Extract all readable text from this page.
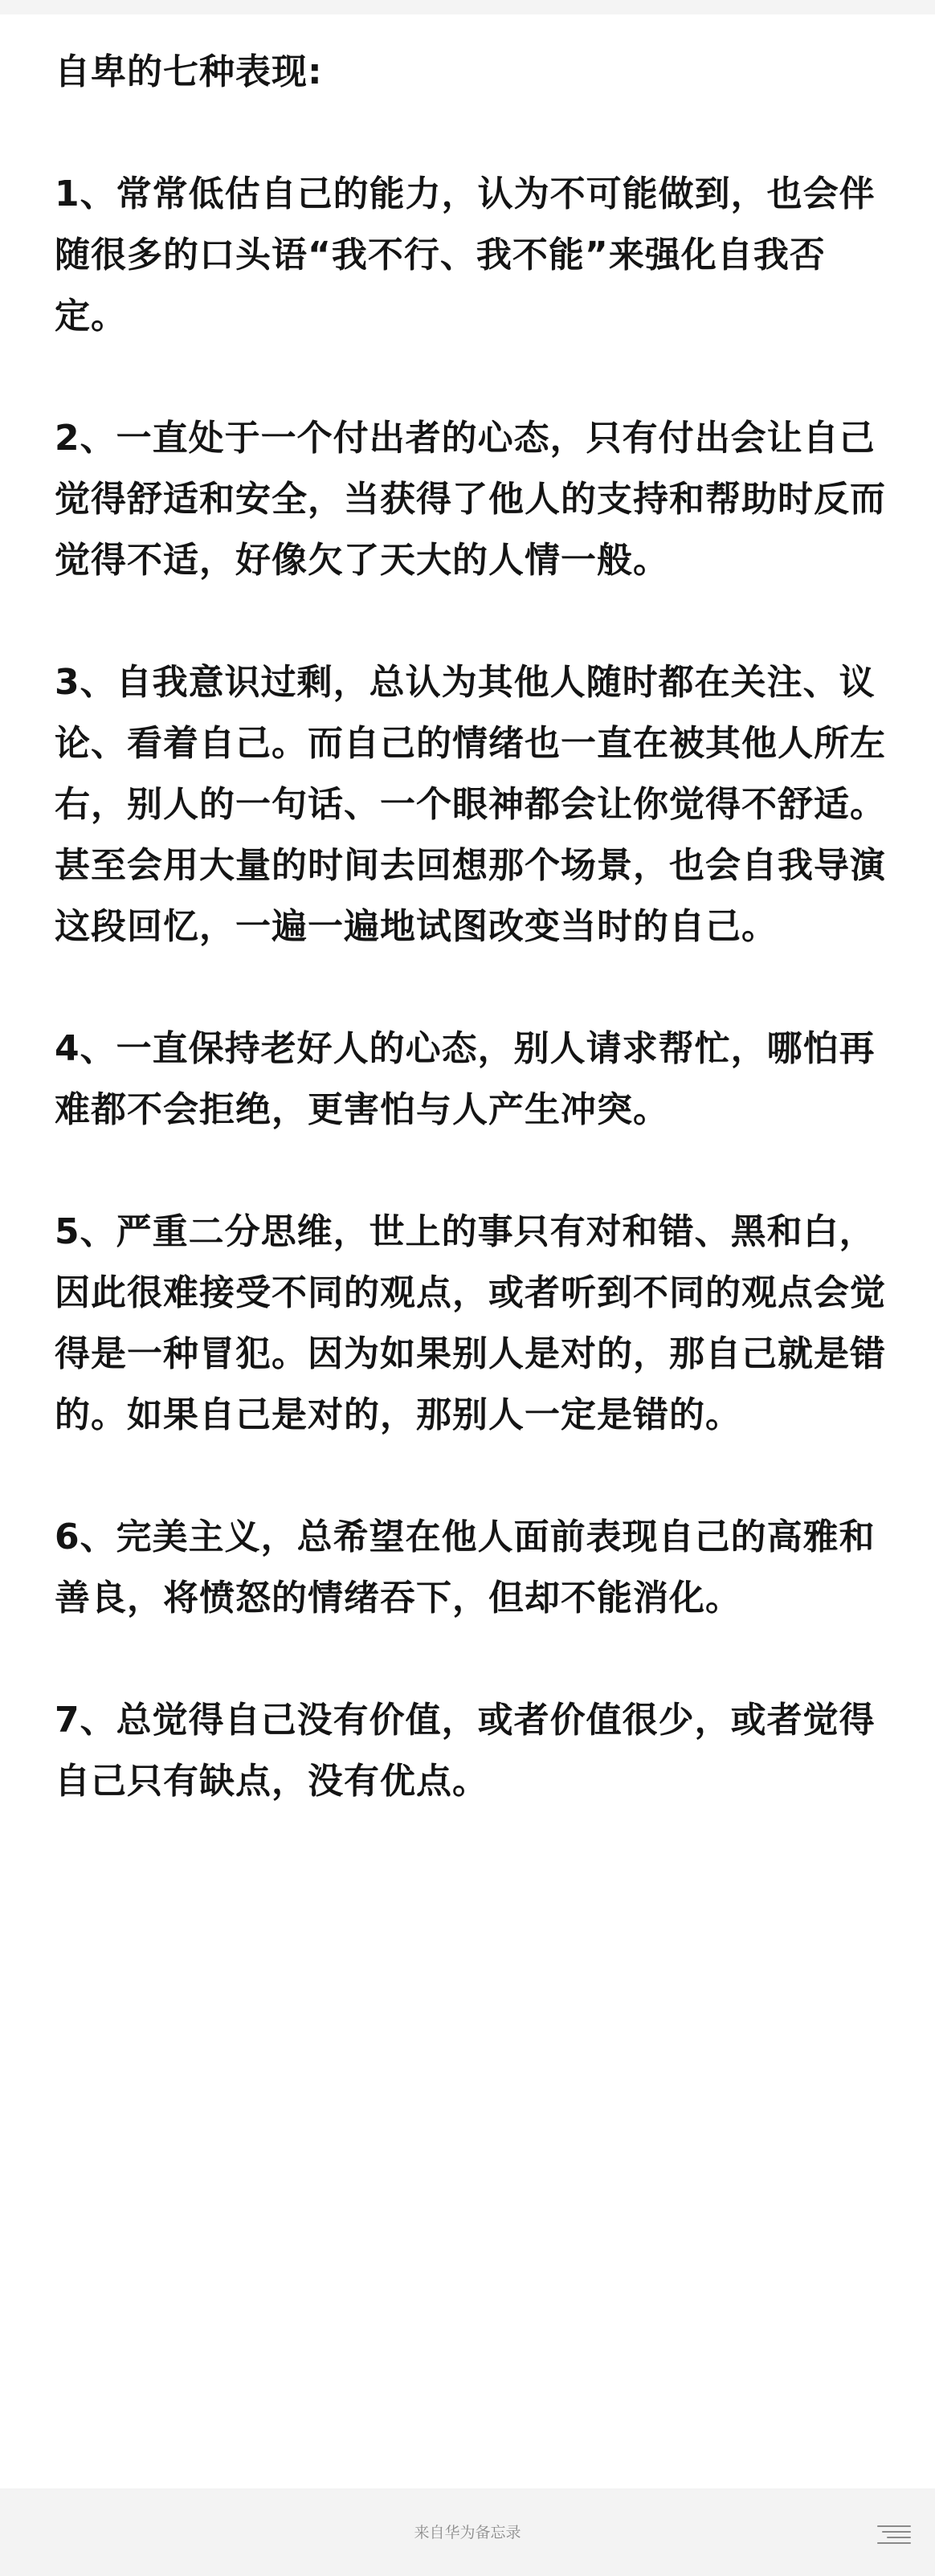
自卑的七种表现:

1、常常低估自己的能力，认为不可能做到，也会伴随很多的口头语“我不行、我不能”来强化自我否定。

2、一直处于一个付出者的心态，只有付出会让自己觉得舒适和安全，当获得了他人的支持和帮助时反而觉得不适，好像欠了天大的人情一般。

3、自我意识过剩，总认为其他人随时都在关注、议论、看着自己。而自己的情绪也一直在被其他人所左右，别人的一句话、一个眼神都会让你觉得不舒适。甚至会用大量的时间去回想那个场景，也会自我导演这段回忆，一遍一遍地试图改变当时的自己。

4、一直保持老好人的心态，别人请求帮忙，哪怕再难都不会拒绝，更害怕与人产生冲突。

5、严重二分思维，世上的事只有对和错、黑和白，因此很难接受不同的观点，或者听到不同的观点会觉得是一种冒犯。因为如果别人是对的，那自己就是错的。如果自己是对的，那别人一定是错的。

6、完美主义，总希望在他人面前表现自己的高雅和善良，将愤怒的情绪吞下，但却不能消化。

7、总觉得自己没有价值，或者价值很少，或者觉得自己只有缺点，没有优点。

来自华为备忘录
